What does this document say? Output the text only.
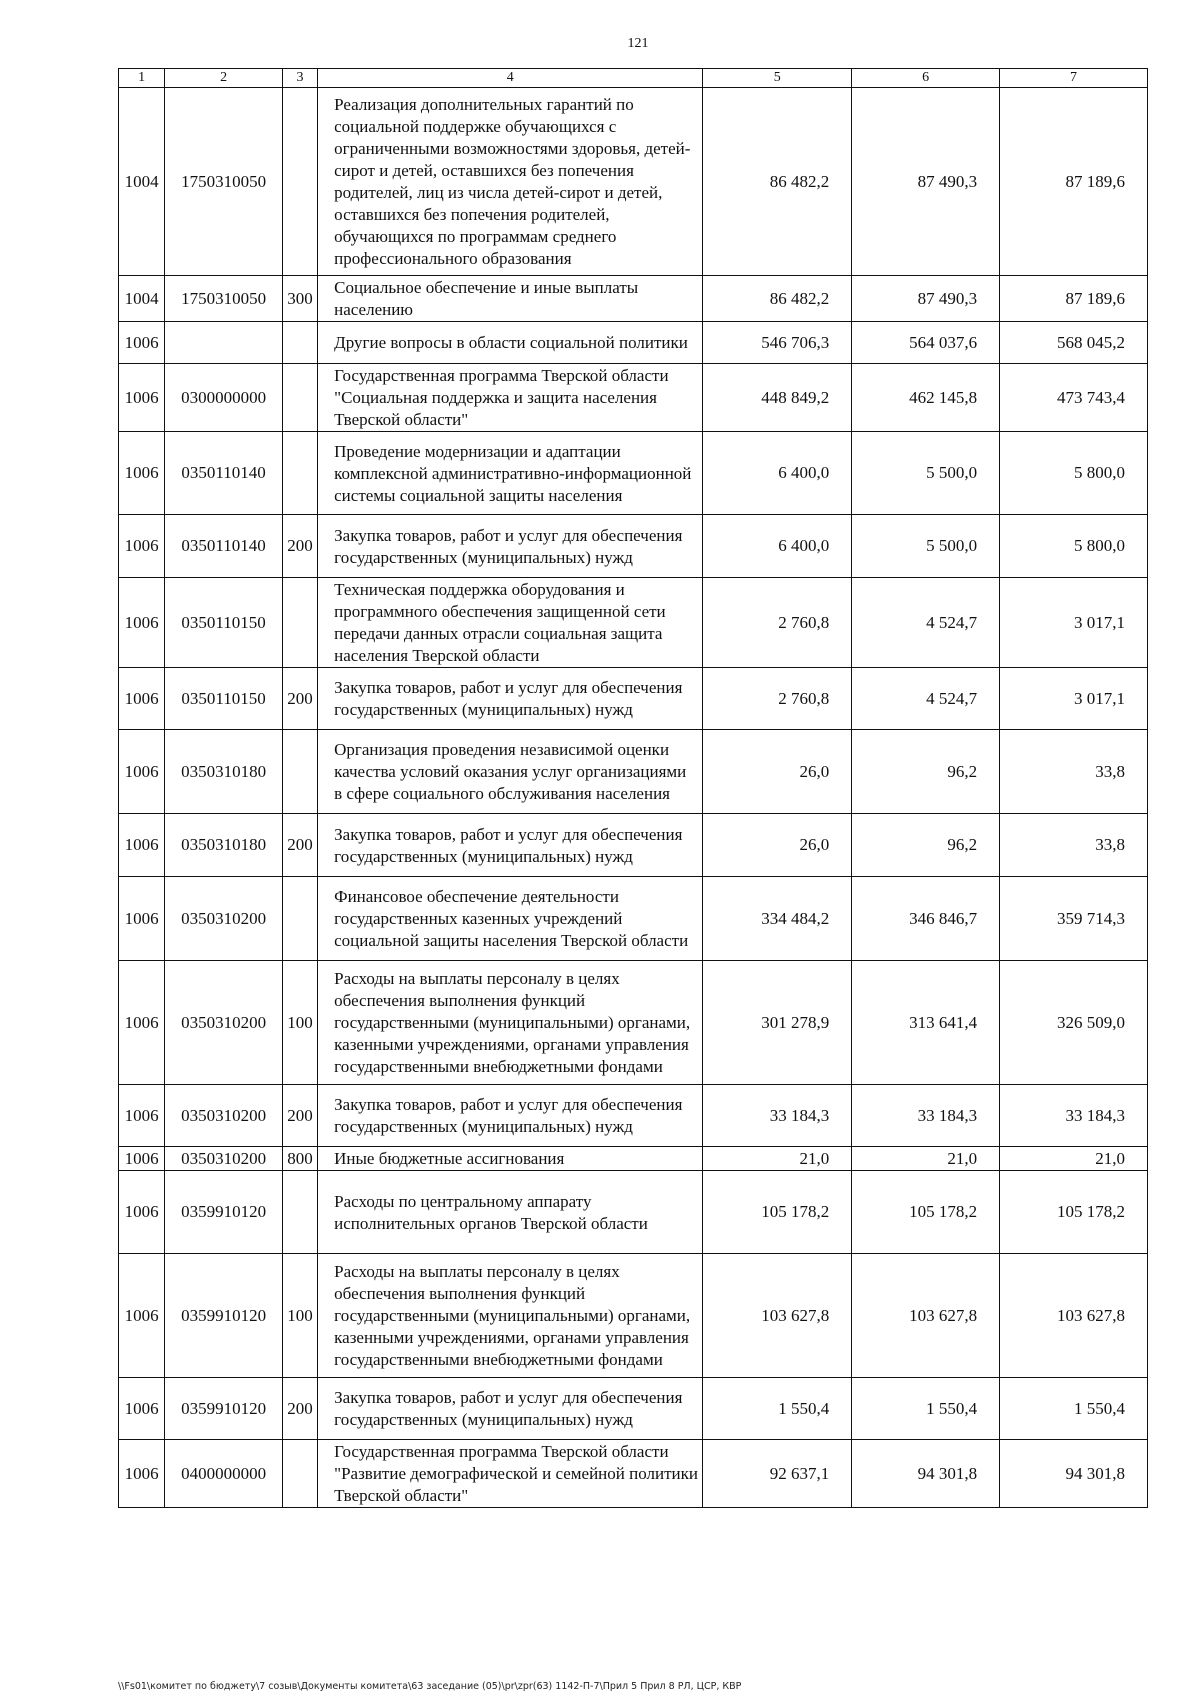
121
1	2	3	4	5	6	7
1004	1750310050		Реализация дополнительных гарантий по социальной поддержке обучающихся с ограниченными возможностями здоровья, детей-сирот и детей, оставшихся без попечения родителей, лиц из числа детей-сирот и детей, оставшихся без попечения родителей, обучающихся по программам среднего профессионального образования	86 482,2	87 490,3	87 189,6
1004	1750310050	300	Социальное обеспечение и иные выплаты населению	86 482,2	87 490,3	87 189,6
1006			Другие вопросы в области социальной политики	546 706,3	564 037,6	568 045,2
1006	0300000000		Государственная программа Тверской области "Социальная поддержка и защита населения Тверской области"	448 849,2	462 145,8	473 743,4
1006	0350110140		Проведение модернизации и адаптации комплексной административно-информационной системы социальной защиты населения	6 400,0	5 500,0	5 800,0
1006	0350110140	200	Закупка товаров, работ и услуг для обеспечения государственных (муниципальных) нужд	6 400,0	5 500,0	5 800,0
1006	0350110150		Техническая поддержка оборудования и программного обеспечения защищенной сети передачи данных отрасли социальная защита населения Тверской области	2 760,8	4 524,7	3 017,1
1006	0350110150	200	Закупка товаров, работ и услуг для обеспечения государственных (муниципальных) нужд	2 760,8	4 524,7	3 017,1
1006	0350310180		Организация проведения независимой оценки качества условий оказания услуг организациями в сфере социального обслуживания населения	26,0	96,2	33,8
1006	0350310180	200	Закупка товаров, работ и услуг для обеспечения государственных (муниципальных) нужд	26,0	96,2	33,8
1006	0350310200		Финансовое обеспечение деятельности государственных казенных учреждений социальной защиты населения Тверской области	334 484,2	346 846,7	359 714,3
1006	0350310200	100	Расходы на выплаты персоналу в целях обеспечения выполнения функций государственными (муниципальными) органами, казенными учреждениями, органами управления государственными внебюджетными фондами	301 278,9	313 641,4	326 509,0
1006	0350310200	200	Закупка товаров, работ и услуг для обеспечения государственных (муниципальных) нужд	33 184,3	33 184,3	33 184,3
1006	0350310200	800	Иные бюджетные ассигнования	21,0	21,0	21,0
1006	0359910120		Расходы по центральному аппарату исполнительных органов Тверской области	105 178,2	105 178,2	105 178,2
1006	0359910120	100	Расходы на выплаты персоналу в целях обеспечения выполнения функций государственными (муниципальными) органами, казенными учреждениями, органами управления государственными внебюджетными фондами	103 627,8	103 627,8	103 627,8
1006	0359910120	200	Закупка товаров, работ и услуг для обеспечения государственных (муниципальных) нужд	1 550,4	1 550,4	1 550,4
1006	0400000000		Государственная программа Тверской области "Развитие демографической и семейной политики Тверской области"	92 637,1	94 301,8	94 301,8
\\Fs01\комитет по бюджету\7 созыв\Документы комитета\63 заседание (05)\pr\zpr(63) 1142-П-7\Прил 5 Прил 8 РЛ, ЦСР, КВР
